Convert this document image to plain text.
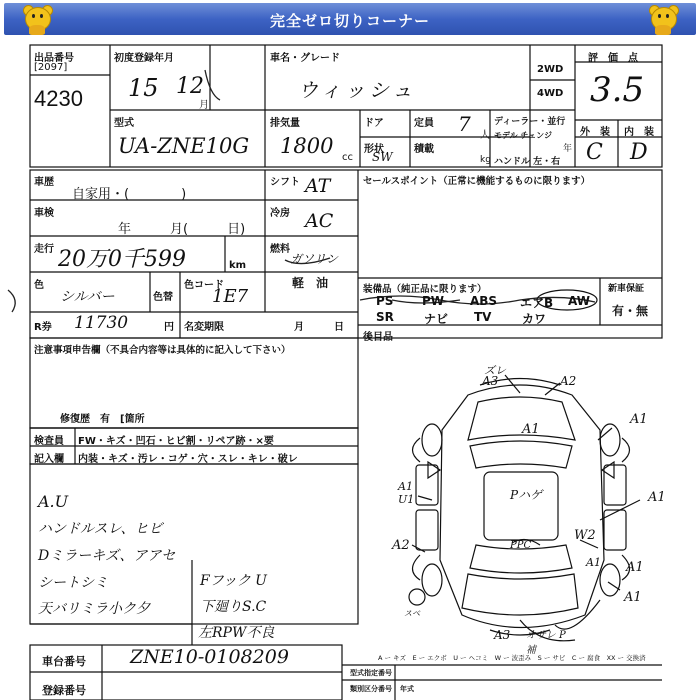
完全ゼロ切りコーナー
出品番号
[2097]
4230
初度登録年月
15 12
月
車名・グレード
ウィッシュ
2WD
4WD
評　価　点
3.5
型式
UA-ZNE10G
排気量
1800 cc
ドア
形状
SW
定員 7 人
積載
kg
ディーラー・並行
モデル チェンジ
年
ハンドル 左・右
外　装 内　装
C D
車歴
自家用・(　　　　)
シフト AT
車検
年　　　月(　　　日)
冷房 AC
走行 20万0千599	km
燃料
ガソリン
軽　油
色
シルバー	色替
色コード
1E7
R券 11730	円 名変期限	月　　　日
セールスポイント（正常に機能するものに限ります）
装備品（純正品に限ります）
PS PW ABS エアB AW
SR	ナビ TV	カワ
新車保証
有・無
後目品
注意事項申告欄（不具合内容等は具体的に記入して下さい）
修復歴　有　[箇所
検査員 FW・キズ・凹石・ヒビ割・リペア跡・×要
記入欄 内装・キズ・汚レ・コゲ・穴・スレ・キレ・破レ
A.U
ハンドルスレ、ヒビ
Dミラーキズ、アアセ
シートシミ
天バリミラ小ク夕
Fフック U
下廻りS.C
左RPW不良
ズレ
A3	A2
A1
A1
A1
A1 U1
A1
A2
W2
A1
A1
Pハゲ
PPC
スベ
A3 オサレ P補
A ー キズ　E ー エクボ　U ー ヘコミ　W ー 波歪み　S ー サビ　C ー 腐食　XX ー 交換済
車台番号 ZNE10-0108209
登録番号
型式指定番号
類別区分番号 年式
